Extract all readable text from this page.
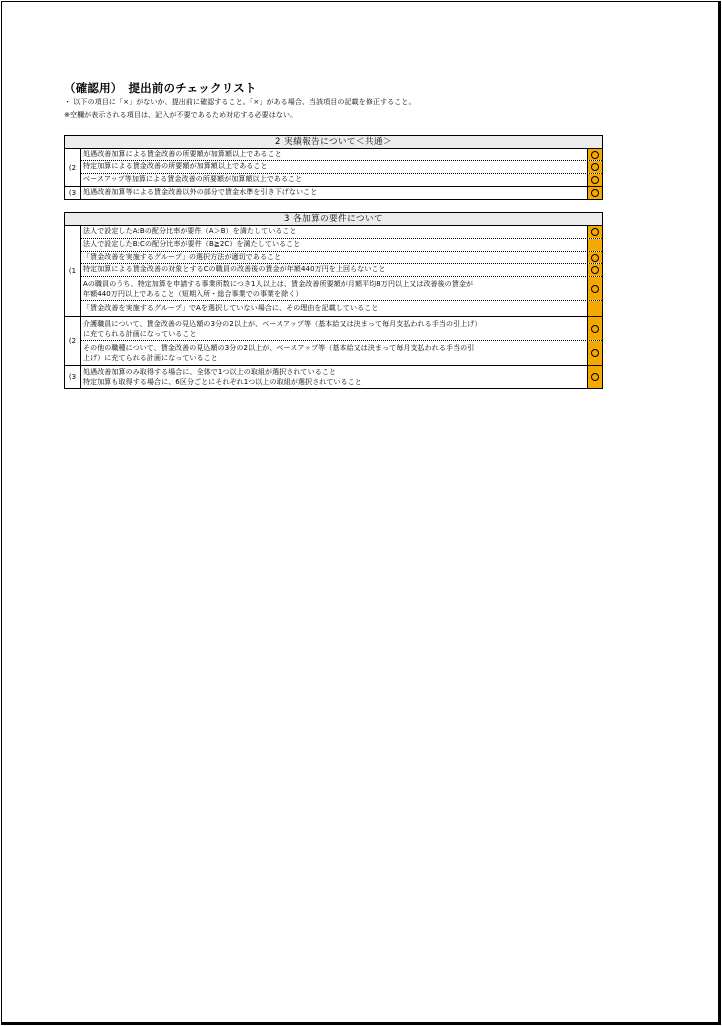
（確認用）　提出前のチェックリスト
・ 以下の項目に「×」がないか、提出前に確認すること。「×」がある場合、当該項目の記載を修正すること。
※空欄が表示される項目は、記入が不要であるため対応する必要はない。
2 実績報告について＜共通＞
(2
処遇改善加算による賃金改善の所要額が加算額以上であること
特定加算による賃金改善の所要額が加算額以上であること
ベースアップ等加算による賃金改善の所要額が加算額以上であること
(3 処遇改善加算等による賃金改善以外の部分で賃金水準を引き下げないこと
3 各加算の要件について
(1
法人で設定したA:Bの配分比率が要件（A＞B）を満たしていること
法人で設定したB:Cの配分比率が要件（B≧2C）を満たしていること
「賃金改善を実施するグループ」の選択方法が適切であること
特定加算による賃金改善の対象とするCの職員の改善後の賃金が年額440万円を上回らないこと
Aの職員のうち、特定加算を申請する事業所数につき1人以上は、賃金改善所要額が月額平均8万円以上又は改善後の賃金が
年額440万円以上であること（短期入所・総合事業での事業を除く）
「賃金改善を実施するグループ」でAを選択していない場合に、その理由を記載していること
(2
介護職員について、賃金改善の見込額の3分の2以上が、ベースアップ等（基本給又は決まって毎月支払われる手当の引上げ）
に充てられる計画になっていること
その他の職種について、賃金改善の見込額の3分の2以上が、ベースアップ等（基本給又は決まって毎月支払われる手当の引
上げ）に充てられる計画になっていること
(3
処遇改善加算のみ取得する場合に、全体で1つ以上の取組が選択されていること
特定加算も取得する場合に、6区分ごとにそれぞれ1つ以上の取組が選択されていること
